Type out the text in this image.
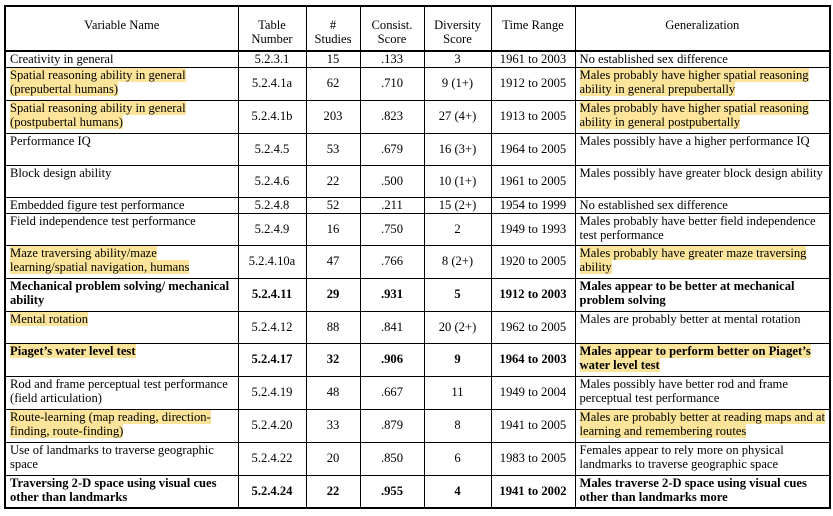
Variable Name	Table Number	# Studies	Consist. Score	Diversity Score	Time Range	Generalization
Creativity in general	5.2.3.1	15	.133	3	1961 to 2003	No established sex difference
Spatial reasoning ability in general (prepubertal humans)	5.2.4.1a	62	.710	9 (1+)	1912 to 2005	Males probably have higher spatial reasoning ability in general prepubertally
Spatial reasoning ability in general (postpubertal humans)	5.2.4.1b	203	.823	27 (4+)	1913 to 2005	Males probably have higher spatial reasoning ability in general postpubertally
Performance IQ	5.2.4.5	53	.679	16 (3+)	1964 to 2005	Males possibly have a higher performance IQ
Block design ability	5.2.4.6	22	.500	10 (1+)	1961 to 2005	Males possibly have greater block design ability
Embedded figure test performance	5.2.4.8	52	.211	15 (2+)	1954 to 1999	No established sex difference
Field independence test performance	5.2.4.9	16	.750	2	1949 to 1993	Males probably have better field independence test performance
Maze traversing ability/maze learning/spatial navigation, humans	5.2.4.10a	47	.766	8 (2+)	1920 to 2005	Males probably have greater maze traversing ability
Mechanical problem solving/ mechanical ability	5.2.4.11	29	.931	5	1912 to 2003	Males appear to be better at mechanical problem solving
Mental rotation	5.2.4.12	88	.841	20 (2+)	1962 to 2005	Males are probably better at mental rotation
Piaget’s water level test	5.2.4.17	32	.906	9	1964 to 2003	Males appear to perform better on Piaget’s water level test
Rod and frame perceptual test performance (field articulation)	5.2.4.19	48	.667	11	1949 to 2004	Males possibly have better rod and frame perceptual test performance
Route-learning (map reading, direction-finding, route-finding)	5.2.4.20	33	.879	8	1941 to 2005	Males are probably better at reading maps and at learning and remembering routes
Use of landmarks to traverse geographic space	5.2.4.22	20	.850	6	1983 to 2005	Females appear to rely more on physical landmarks to traverse geographic space
Traversing 2-D space using visual cues other than landmarks	5.2.4.24	22	.955	4	1941 to 2002	Males traverse 2-D space using visual cues other than landmarks more
